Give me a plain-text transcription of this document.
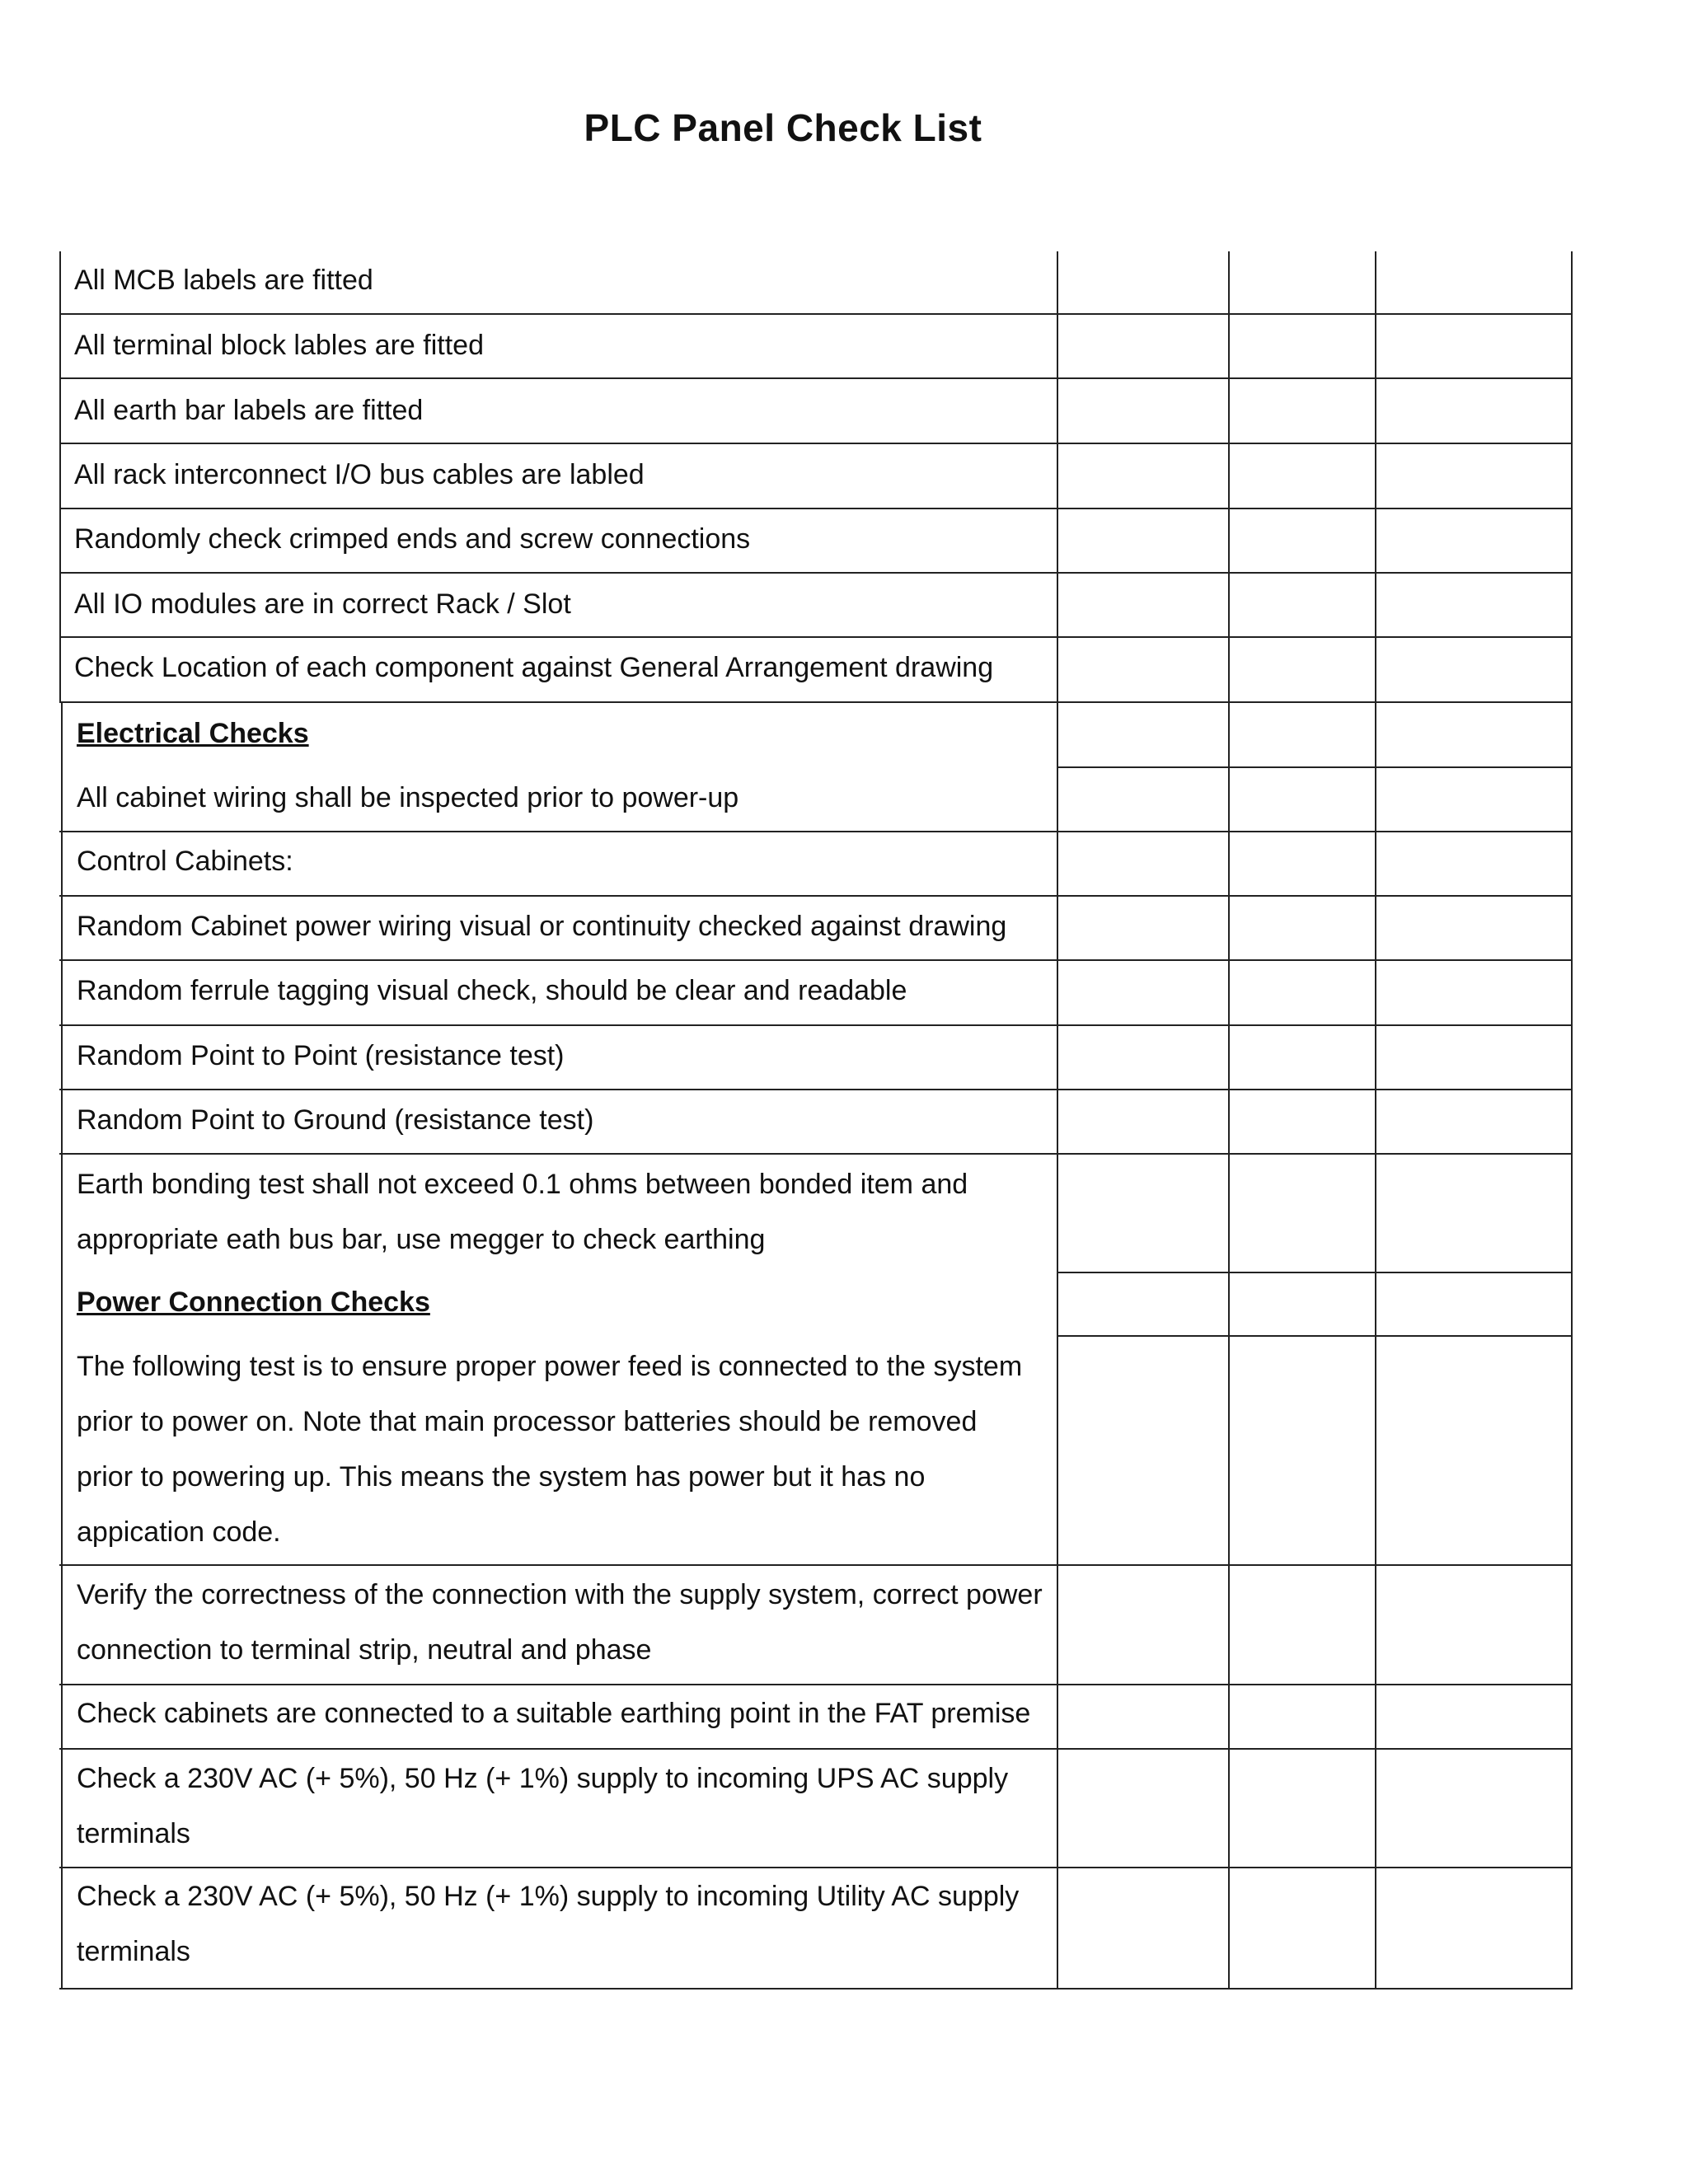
PLC Panel Check List
All MCB labels are fitted
All terminal block lables are fitted
All earth bar labels are fitted
All rack interconnect I/O bus cables are labled
Randomly check crimped ends and screw connections
All IO modules are in correct Rack / Slot
Check Location of each component against General Arrangement drawing
Electrical Checks
All cabinet wiring shall be inspected prior to power-up
Control Cabinets:
Random Cabinet power wiring visual or continuity checked against drawing
Random ferrule tagging visual check, should be clear and readable
Random Point to Point (resistance test)
Random Point to Ground (resistance test)
Earth bonding test shall not exceed 0.1 ohms between bonded item and
appropriate eath bus bar, use megger to check earthing
Power Connection Checks
The following test is to ensure proper power feed is connected to the system
prior to power on. Note that main processor batteries should be removed
prior to powering up. This means the system has power but it has no
appication code.
Verify the correctness of the connection with the supply system, correct power
connection to terminal strip, neutral and phase
Check cabinets are connected to a suitable earthing point in the FAT premise
Check a 230V AC (+ 5%), 50 Hz (+ 1%) supply to incoming UPS AC supply
terminals
Check a 230V AC (+ 5%), 50 Hz (+ 1%) supply to incoming Utility AC supply
terminals
